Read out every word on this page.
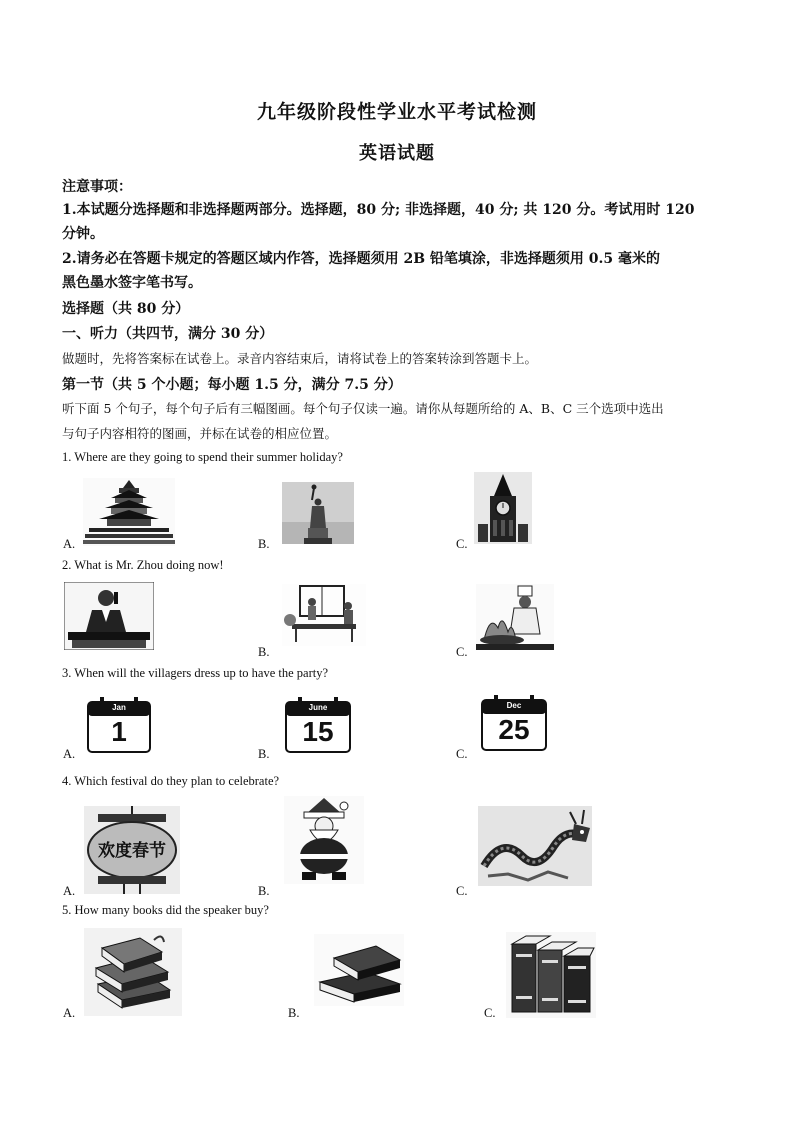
九年级阶段性学业水平考试检测
英语试题
注意事项：
1.本试题分选择题和非选择题两部分。选择题，80 分; 非选择题，40 分; 共 120 分。考试用时 120
分钟。
2.请务必在答题卡规定的答题区域内作答，选择题须用 2B 铅笔填涂，非选择题须用 0.5 毫米的
黑色墨水签字笔书写。
选择题（共 80 分）
一、听力（共四节，满分 30 分）
做题时，先将答案标在试卷上。录音内容结束后，请将试卷上的答案转涂到答题卡上。
第一节（共 5 个小题；每小题 1.5 分，满分 7.5 分）
听下面 5 个句子，每个句子后有三幅图画。每个句子仅读一遍。请你从每题所给的 A、B、C 三个选项中选出
与句子内容相符的图画，并标在试卷的相应位置。
1. Where are they going to spend their summer holiday?
A.	B.	C.
2. What is Mr. Zhou doing now!
B.	C.
3. When will the villagers dress up to have the party?
A.
Jan
1
B.
June
15
C.
Dec
25
4. Which festival do they plan to celebrate?
A.
欢度春节
B.	C.
5. How many books did the speaker buy?
A.	B.	C.
